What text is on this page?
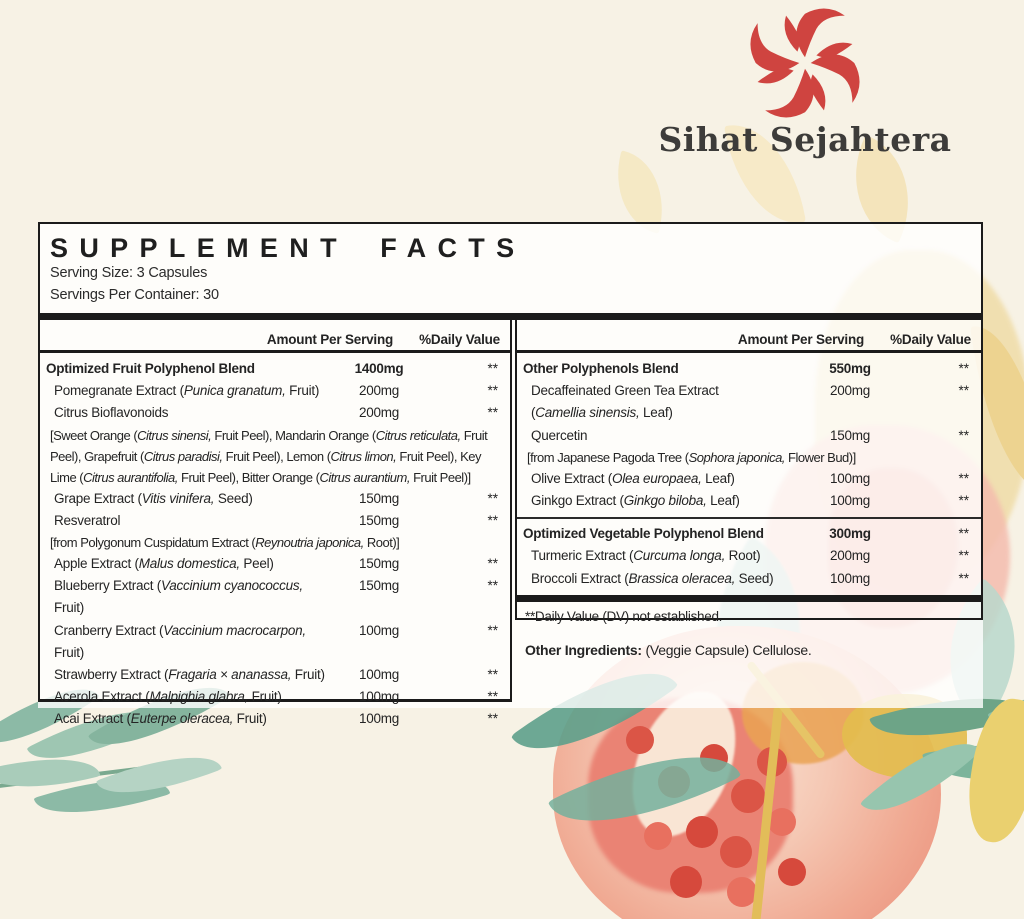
Sihat Sejahtera
SUPPLEMENT FACTS
Serving Size: 3 Capsules
Servings Per Container: 30
Amount Per Serving %Daily Value
Optimized Fruit Polyphenol Blend	1400mg	**
Pomegranate Extract (Punica granatum, Fruit)	200mg	**
Citrus Bioflavonoids	200mg	**
[Sweet Orange (Citrus sinensi, Fruit Peel), Mandarin Orange (Citrus reticulata, Fruit Peel), Grapefruit (Citrus paradisi, Fruit Peel), Lemon (Citrus limon, Fruit Peel), Key Lime (Citrus aurantifolia, Fruit Peel), Bitter Orange (Citrus aurantium, Fruit Peel)]
Grape Extract (Vitis vinifera, Seed)	150mg	**
Resveratrol	150mg	**
[from Polygonum Cuspidatum Extract (Reynoutria japonica, Root)]
Apple Extract (Malus domestica, Peel)	150mg	**
Blueberry Extract (Vaccinium cyanococcus, Fruit)
150mg	**
Cranberry Extract (Vaccinium macrocarpon, Fruit)
100mg	**
Strawberry Extract (Fragaria × ananassa, Fruit)	100mg	**
Acerola Extract (Malpighia glabra, Fruit)	100mg	**
Acai Extract (Euterpe oleracea, Fruit)	100mg	**
Amount Per Serving %Daily Value
Other Polyphenols Blend	550mg	**
Decaffeinated Green Tea Extract	200mg	**
(Camellia sinensis, Leaf)
Quercetin	150mg	**
[from Japanese Pagoda Tree (Sophora japonica, Flower Bud)]
Olive Extract (Olea europaea, Leaf)	100mg	**
Ginkgo Extract (Ginkgo biloba, Leaf)	100mg	**
Optimized Vegetable Polyphenol Blend	300mg	**
Turmeric Extract (Curcuma longa, Root)	200mg	**
Broccoli Extract (Brassica oleracea, Seed)	100mg	**
**Daily Value (DV) not established.
Other Ingredients: (Veggie Capsule) Cellulose.
